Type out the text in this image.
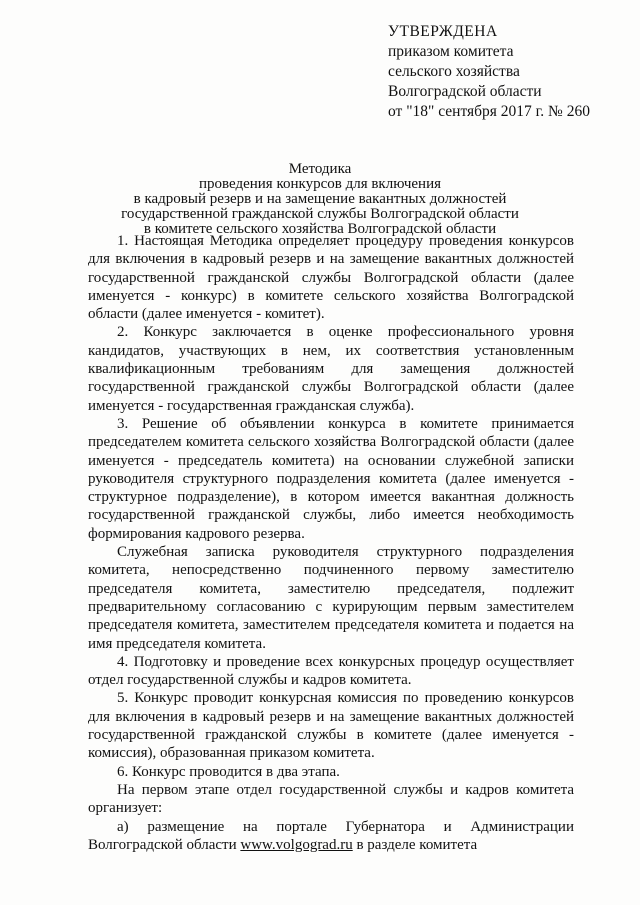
УТВЕРЖДЕНА
приказом комитета
сельского хозяйства
Волгоградской области
от "18" сентября 2017 г. № 260
Методика
проведения конкурсов для включения
в кадровый резерв и на замещение вакантных должностей
государственной гражданской службы Волгоградской области
в комитете сельского хозяйства Волгоградской области

1. Настоящая Методика определяет процедуру проведения конкурсов для включения в кадровый резерв и на замещение вакантных должностей государственной гражданской службы Волгоградской области (далее именуется - конкурс) в комитете сельского хозяйства Волгоградской области (далее именуется - комитет).

2. Конкурс заключается в оценке профессионального уровня кандидатов, участвующих в нем, их соответствия установленным квалификационным требованиям для замещения должностей государственной гражданской службы Волгоградской области (далее именуется - государственная гражданская служба).

3. Решение об объявлении конкурса в комитете принимается председателем комитета сельского хозяйства Волгоградской области (далее именуется - председатель комитета) на основании служебной записки руководителя структурного подразделения комитета (далее именуется - структурное подразделение), в котором имеется вакантная должность государственной гражданской службы, либо имеется необходимость формирования кадрового резерва.

Служебная записка руководителя структурного подразделения комитета, непосредственно подчиненного первому заместителю председателя комитета, заместителю председателя, подлежит предварительному согласованию с курирующим первым заместителем председателя комитета, заместителем председателя комитета и подается на имя председателя комитета.

4. Подготовку и проведение всех конкурсных процедур осуществляет отдел государственной службы и кадров комитета.

5. Конкурс проводит конкурсная комиссия по проведению конкурсов для включения в кадровый резерв и на замещение вакантных должностей государственной гражданской службы в комитете (далее именуется - комиссия), образованная приказом комитета.

6. Конкурс проводится в два этапа.

На первом этапе отдел государственной службы и кадров комитета организует:

а) размещение на портале Губернатора и Администрации Волгоградской области www.volgograd.ru в разделе комитета
